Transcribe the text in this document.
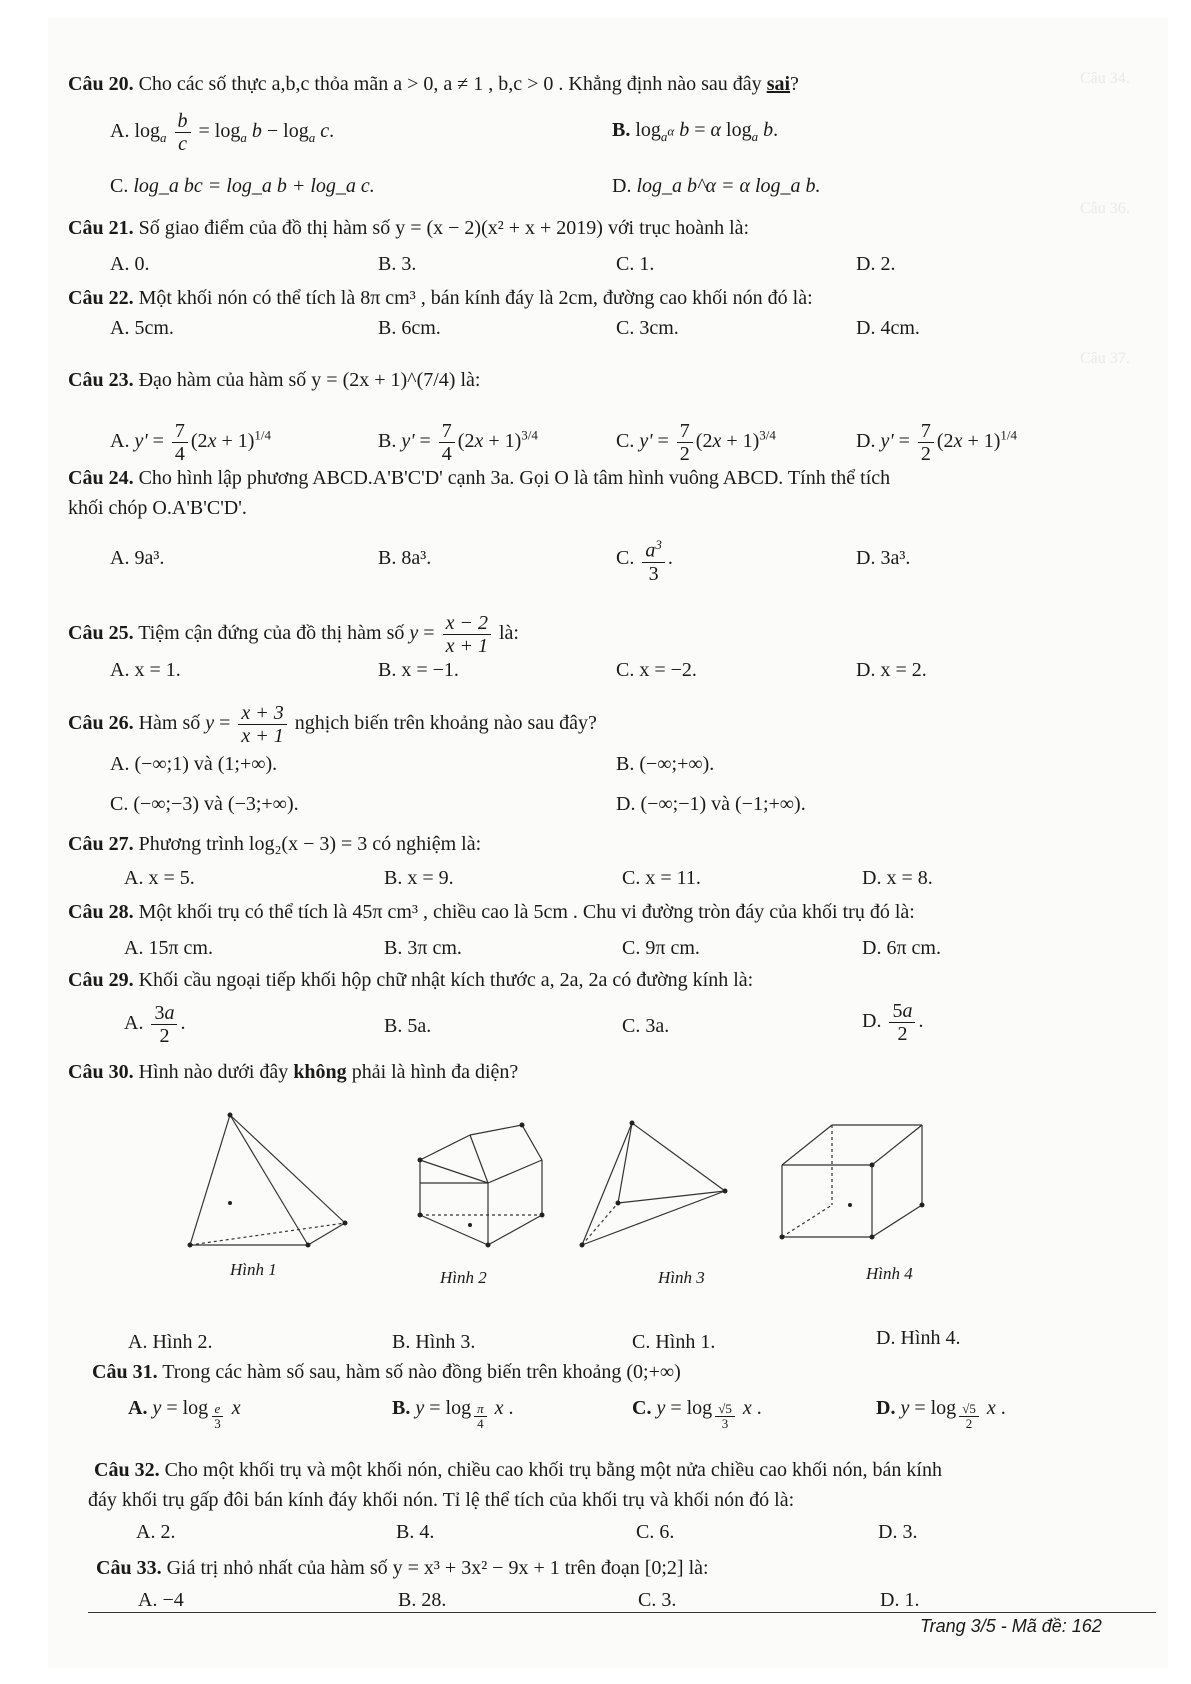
Câu 34.
Câu 36.
Câu 37.
Câu 20. Cho các số thực a,b,c thỏa mãn a > 0, a ≠ 1 , b,c > 0 . Khẳng định nào sau đây sai?
A. $\log_a \frac{b}{c} = \log_a b - \log_a c$.	B. $\log_{a^\alpha} b = \alpha$ $\log_a b$.
C. log_a bc = log_a b + log_a c.	D. log_a b^α = α log_a b.
Câu 21. Số giao điểm của đồ thị hàm số y = (x − 2)(x² + x + 2019) với trục hoành là:
A. 0.	B. 3.	C. 1.	D. 2.
Câu 22. Một khối nón có thể tích là 8π cm³ , bán kính đáy là 2cm, đường cao khối nón đó là:
A. 5cm.	B. 6cm.	C. 3cm.	D. 4cm.
Câu 23. Đạo hàm của hàm số y = (2x + 1)^(7/4) là:
A. $y' = \frac{7}{4} (2x + 1)^{1/4}$	B. $y' = \frac{7}{4} (2x + 1)^{3/4}$	C. $y' = \frac{7}{2} (2x + 1)^{3/4}$	D. $y' = \frac{7}{2} (2x + 1)^{1/4}$
Câu 24. Cho hình lập phương ABCD.A'B'C'D' cạnh 3a. Gọi O là tâm hình vuông ABCD. Tính thể tích
khối chóp O.A'B'C'D'.
A. 9a³.	B. 8a³.	C. $\frac{a^3}{3}$ .	D. 3a³.
Câu 25. Tiệm cận đứng của đồ thị hàm số $y = \frac{x - 2}{x + 1}$ là:
A. x = 1.	B. x = −1.	C. x = −2.	D. x = 2.
Câu 26. Hàm số $y = \frac{x + 3}{x + 1}$ nghịch biến trên khoảng nào sau đây?
A. (−∞;1) và (1;+∞).	B. (−∞;+∞).
C. (−∞;−3) và (−3;+∞).	D. (−∞;−1) và (−1;+∞).
Câu 27. Phương trình log₂(x − 3) = 3 có nghiệm là:
A. x = 5.	B. x = 9.	C. x = 11.	D. x = 8.
Câu 28. Một khối trụ có thể tích là 45π cm³ , chiều cao là 5cm . Chu vi đường tròn đáy của khối trụ đó là:
A. 15π cm.	B. 3π cm.	C. 9π cm.	D. 6π cm.
Câu 29. Khối cầu ngoại tiếp khối hộp chữ nhật kích thước a, 2a, 2a có đường kính là:
A. $\frac{3a}{2}$ .	B. 5a.	C. 3a.	D. $\frac{5a}{2}$ .
Câu 30. Hình nào dưới đây không phải là hình đa diện?
Hình 1	Hình 2	Hình 3	Hình 4
A. Hình 2.	B. Hình 3.	C. Hình 1.	D. Hình 4.
Câu 31. Trong các hàm số sau, hàm số nào đồng biến trên khoảng (0;+∞)
A. y = log $_{\frac{e}{3}}$ x	B. y = log $_{\frac{\pi}{4}}$ x .	C. y = log $_{\frac{√5}{3}}$ x .	D. y = log $_{\frac{√5}{2}}$ x .
Câu 32. Cho một khối trụ và một khối nón, chiều cao khối trụ bằng một nửa chiều cao khối nón, bán kính
đáy khối trụ gấp đôi bán kính đáy khối nón. Tỉ lệ thể tích của khối trụ và khối nón đó là:
A. 2.	B. 4.	C. 6.	D. 3.
Câu 33. Giá trị nhỏ nhất của hàm số y = x³ + 3x² − 9x + 1 trên đoạn [0;2] là:
A. −4	B. 28.	C. 3.	D. 1.
Trang 3/5 - Mã đề: 162
